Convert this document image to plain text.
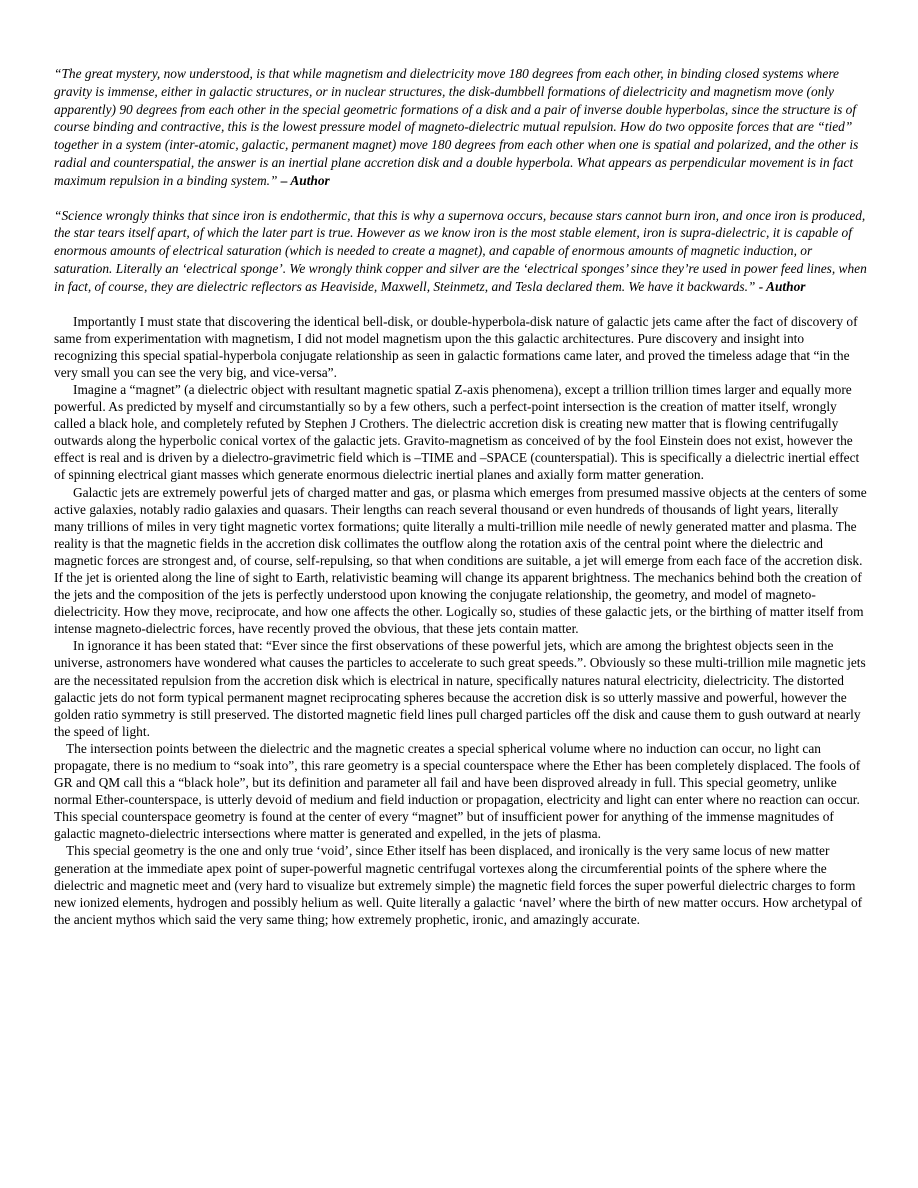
“The great mystery, now understood, is that while magnetism and dielectricity move 180 degrees from each other, in binding closed systems where gravity is immense, either in galactic structures, or in nuclear structures, the disk-dumbbell formations of dielectricity and magnetism move (only apparently) 90 degrees from each other in the special geometric formations of a disk and a pair of inverse double hyperbolas, since the structure is of course binding and contractive, this is the lowest pressure model of magneto-dielectric mutual repulsion. How do two opposite forces that are “tied” together in a system (inter-atomic, galactic, permanent magnet) move 180 degrees from each other when one is spatial and polarized, and the other is radial and counterspatial, the answer is an inertial plane accretion disk and a double hyperbola. What appears as perpendicular movement is in fact maximum repulsion in a binding system.” – Author

“Science wrongly thinks that since iron is endothermic, that this is why a supernova occurs, because stars cannot burn iron, and once iron is produced, the star tears itself apart, of which the later part is true. However as we know iron is the most stable element, iron is supra-dielectric, it is capable of enormous amounts of electrical saturation (which is needed to create a magnet), and capable of enormous amounts of magnetic induction, or saturation. Literally an ‘electrical sponge’. We wrongly think copper and silver are the ‘electrical sponges’ since they’re used in power feed lines, when in fact, of course, they are dielectric reflectors as Heaviside, Maxwell, Steinmetz, and Tesla declared them. We have it backwards.” - Author

Importantly I must state that discovering the identical bell-disk, or double-hyperbola-disk nature of galactic jets came after the fact of discovery of same from experimentation with magnetism, I did not model magnetism upon the this galactic architectures. Pure discovery and insight into recognizing this special spatial-hyperbola conjugate relationship as seen in galactic formations came later, and proved the timeless adage that “in the very small you can see the very big, and vice-versa”.

Imagine a “magnet” (a dielectric object with resultant magnetic spatial Z-axis phenomena), except a trillion trillion times larger and equally more powerful. As predicted by myself and circumstantially so by a few others, such a perfect-point intersection is the creation of matter itself, wrongly called a black hole, and completely refuted by Stephen J Crothers. The dielectric accretion disk is creating new matter that is flowing centrifugally outwards along the hyperbolic conical vortex of the galactic jets. Gravito-magnetism as conceived of by the fool Einstein does not exist, however the effect is real and is driven by a dielectro-gravimetric field which is –TIME and –SPACE (counterspatial). This is specifically a dielectric inertial effect of spinning electrical giant masses which generate enormous dielectric inertial planes and axially form matter generation.

Galactic jets are extremely powerful jets of charged matter and gas, or plasma which emerges from presumed massive objects at the centers of some active galaxies, notably radio galaxies and quasars. Their lengths can reach several thousand or even hundreds of thousands of light years, literally many trillions of miles in very tight magnetic vortex formations; quite literally a multi-trillion mile needle of newly generated matter and plasma. The reality is that the magnetic fields in the accretion disk collimates the outflow along the rotation axis of the central point where the dielectric and magnetic forces are strongest and, of course, self-repulsing, so that when conditions are suitable, a jet will emerge from each face of the accretion disk. If the jet is oriented along the line of sight to Earth, relativistic beaming will change its apparent brightness. The mechanics behind both the creation of the jets and the composition of the jets is perfectly understood upon knowing the conjugate relationship, the geometry, and model of magneto-dielectricity. How they move, reciprocate, and how one affects the other. Logically so, studies of these galactic jets, or the birthing of matter itself from intense magneto-dielectric forces, have recently proved the obvious, that these jets contain matter.

In ignorance it has been stated that: “Ever since the first observations of these powerful jets, which are among the brightest objects seen in the universe, astronomers have wondered what causes the particles to accelerate to such great speeds.”. Obviously so these multi-trillion mile magnetic jets are the necessitated repulsion from the accretion disk which is electrical in nature, specifically natures natural electricity, dielectricity. The distorted galactic jets do not form typical permanent magnet reciprocating spheres because the accretion disk is so utterly massive and powerful, however the golden ratio symmetry is still preserved. The distorted magnetic field lines pull charged particles off the disk and cause them to gush outward at nearly the speed of light.

The intersection points between the dielectric and the magnetic creates a special spherical volume where no induction can occur, no light can propagate, there is no medium to “soak into”, this rare geometry is a special counterspace where the Ether has been completely displaced. The fools of GR and QM call this a “black hole”, but its definition and parameter all fail and have been disproved already in full. This special geometry, unlike normal Ether-counterspace, is utterly devoid of medium and field induction or propagation, electricity and light can enter where no reaction can occur. This special counterspace geometry is found at the center of every “magnet” but of insufficient power for anything of the immense magnitudes of galactic magneto-dielectric intersections where matter is generated and expelled, in the jets of plasma.

This special geometry is the one and only true ‘void’, since Ether itself has been displaced, and ironically is the very same locus of new matter generation at the immediate apex point of super-powerful magnetic centrifugal vortexes along the circumferential points of the sphere where the dielectric and magnetic meet and (very hard to visualize but extremely simple) the magnetic field forces the super powerful dielectric charges to form new ionized elements, hydrogen and possibly helium as well. Quite literally a galactic ‘navel’ where the birth of new matter occurs. How archetypal of the ancient mythos which said the very same thing; how extremely prophetic, ironic, and amazingly accurate.
